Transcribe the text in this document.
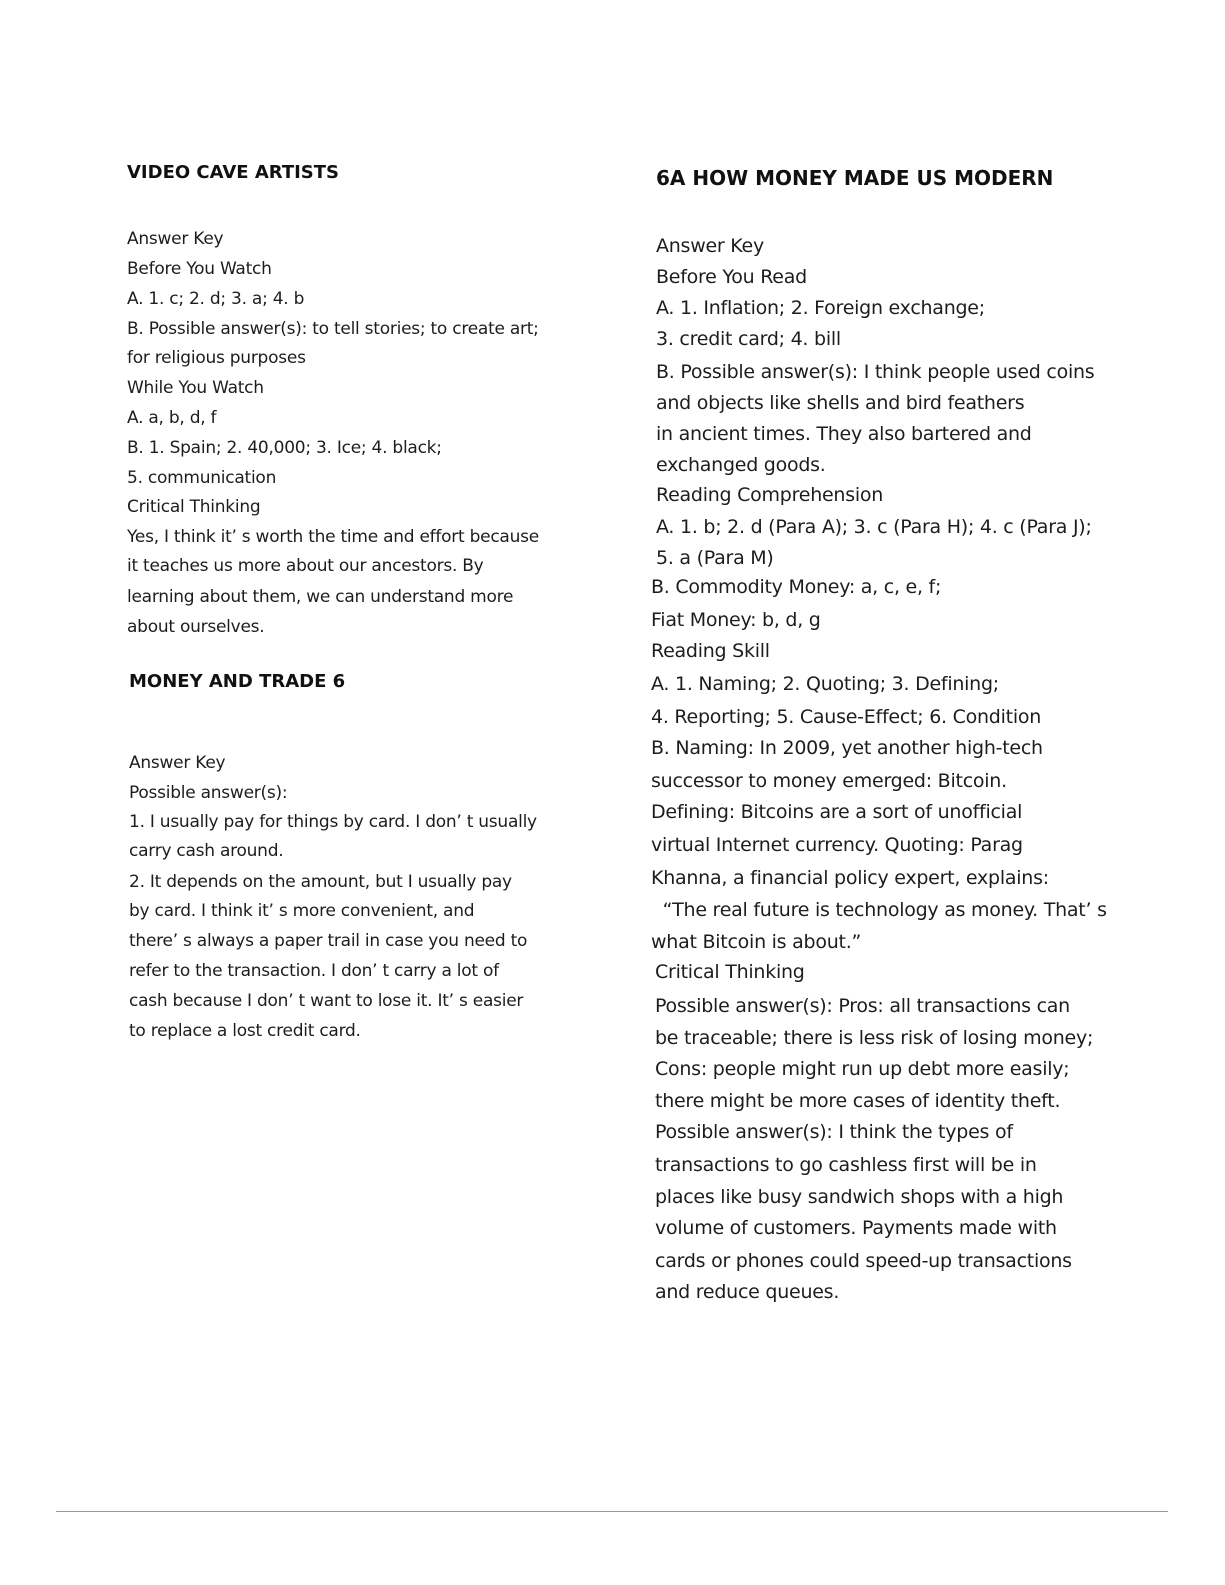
VIDEO CAVE ARTISTS

Answer Key

Before You Watch

A. 1. c; 2. d; 3. a; 4. b

B. Possible answer(s): to tell stories; to create art;

for religious purposes

While You Watch

A. a, b, d, f

B. 1. Spain; 2. 40,000; 3. Ice; 4. black;

5. communication

Critical Thinking

Yes, I think it’ s worth the time and effort because

it teaches us more about our ancestors. By

learning about them, we can understand more

about ourselves.

MONEY AND TRADE 6

Answer Key

Possible answer(s):

1. I usually pay for things by card. I don’ t usually

carry cash around.

2. It depends on the amount, but I usually pay

by card. I think it’ s more convenient, and

there’ s always a paper trail in case you need to

refer to the transaction. I don’ t carry a lot of

cash because I don’ t want to lose it. It’ s easier

to replace a lost credit card.

6A HOW MONEY MADE US MODERN

Answer Key

Before You Read

A. 1. Inflation; 2. Foreign exchange;

3. credit card; 4. bill

B. Possible answer(s): I think people used coins

and objects like shells and bird feathers

in ancient times. They also bartered and

exchanged goods.

Reading Comprehension

A. 1. b; 2. d (Para A); 3. c (Para H); 4. c (Para J);

5. a (Para M)

B. Commodity Money: a, c, e, f;

Fiat Money: b, d, g

Reading Skill

A. 1. Naming; 2. Quoting; 3. Defining;

4. Reporting; 5. Cause-Effect; 6. Condition

B. Naming: In 2009, yet another high-tech

successor to money emerged: Bitcoin.

Defining: Bitcoins are a sort of unofficial

virtual Internet currency. Quoting: Parag

Khanna, a financial policy expert, explains:

“The real future is technology as money. That’ s

what Bitcoin is about.”

Critical Thinking

Possible answer(s): Pros: all transactions can

be traceable; there is less risk of losing money;

Cons: people might run up debt more easily;

there might be more cases of identity theft.

Possible answer(s): I think the types of

transactions to go cashless first will be in

places like busy sandwich shops with a high

volume of customers. Payments made with

cards or phones could speed-up transactions

and reduce queues.
